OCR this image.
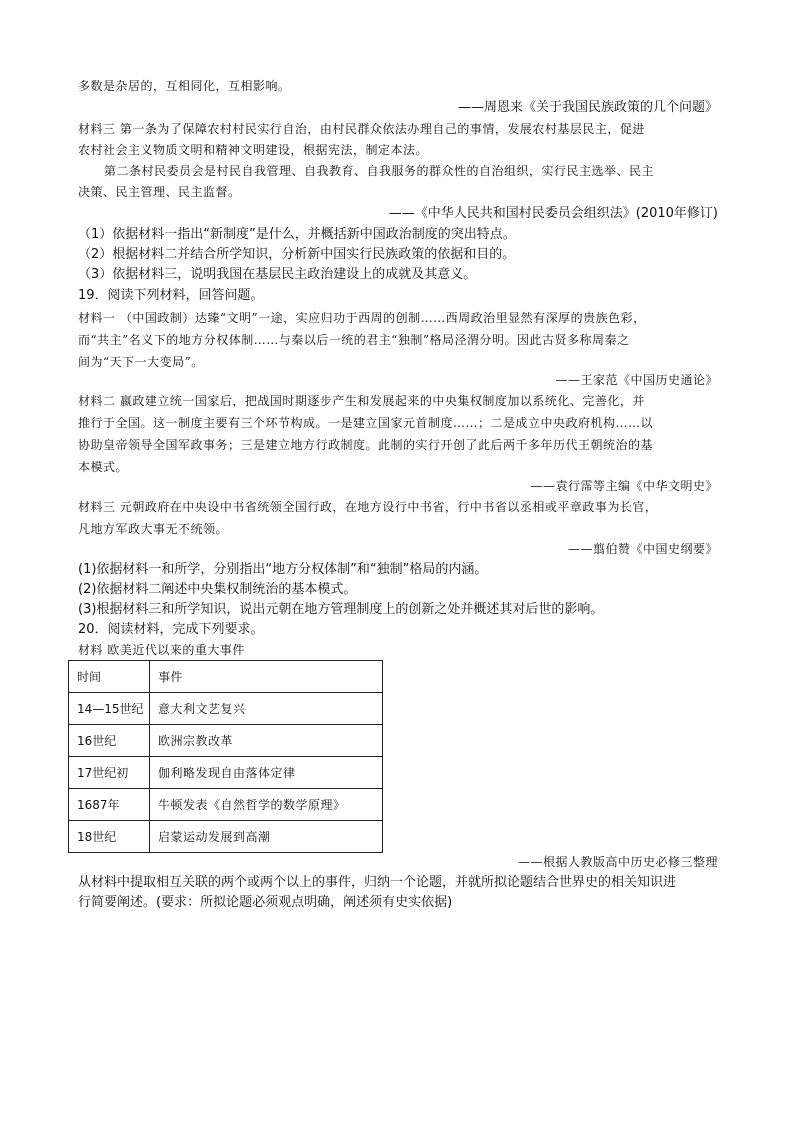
多数是杂居的，互相同化，互相影响。
——周恩来《关于我国民族政策的几个问题》
材料三 第一条为了保障农村村民实行自治，由村民群众依法办理自己的事情，发展农村基层民主，促进
农村社会主义物质文明和精神文明建设，根据宪法，制定本法。
第二条村民委员会是村民自我管理、自我教育、自我服务的群众性的自治组织，实行民主选举、民主
决策、民主管理、民主监督。
——《中华人民共和国村民委员会组织法》(2010年修订)
（1）依据材料一指出“新制度”是什么，并概括新中国政治制度的突出特点。
（2）根据材料二并结合所学知识，分析新中国实行民族政策的依据和目的。
（3）依据材料三，说明我国在基层民主政治建设上的成就及其意义。
19．阅读下列材料，回答问题。
材料一 （中国政制）达臻“文明”一途，实应归功于西周的创制……西周政治里显然有深厚的贵族色彩，
而“共主”名义下的地方分权体制……与秦以后一统的君主“独制”格局泾渭分明。因此古贤多称周秦之
间为“天下一大变局”。
——王家范《中国历史通论》
材料二 嬴政建立统一国家后，把战国时期逐步产生和发展起来的中央集权制度加以系统化、完善化，并
推行于全国。这一制度主要有三个环节构成。一是建立国家元首制度……；二是成立中央政府机构……以
协助皇帝领导全国军政事务；三是建立地方行政制度。此制的实行开创了此后两千多年历代王朝统治的基
本模式。
——袁行霈等主编《中华文明史》
材料三 元朝政府在中央设中书省统领全国行政，在地方设行中书省，行中书省以丞相或平章政事为长官，
凡地方军政大事无不统领。
——翦伯赞《中国史纲要》
(1)依据材料一和所学，分别指出“地方分权体制”和“独制”格局的内涵。
(2)依据材料二阐述中央集权制统治的基本模式。
(3)根据材料三和所学知识，说出元朝在地方管理制度上的创新之处并概述其对后世的影响。
20．阅读材料，完成下列要求。
材料 欧美近代以来的重大事件
时间	事件
14—15世纪	意大利文艺复兴
16世纪	欧洲宗教改革
17世纪初	伽利略发现自由落体定律
1687年	牛顿发表《自然哲学的数学原理》
18世纪	启蒙运动发展到高潮
——根据人教版高中历史必修三整理
从材料中提取相互关联的两个或两个以上的事件，归纳一个论题，并就所拟论题结合世界史的相关知识进
行简要阐述。(要求：所拟论题必须观点明确，阐述须有史实依据)
